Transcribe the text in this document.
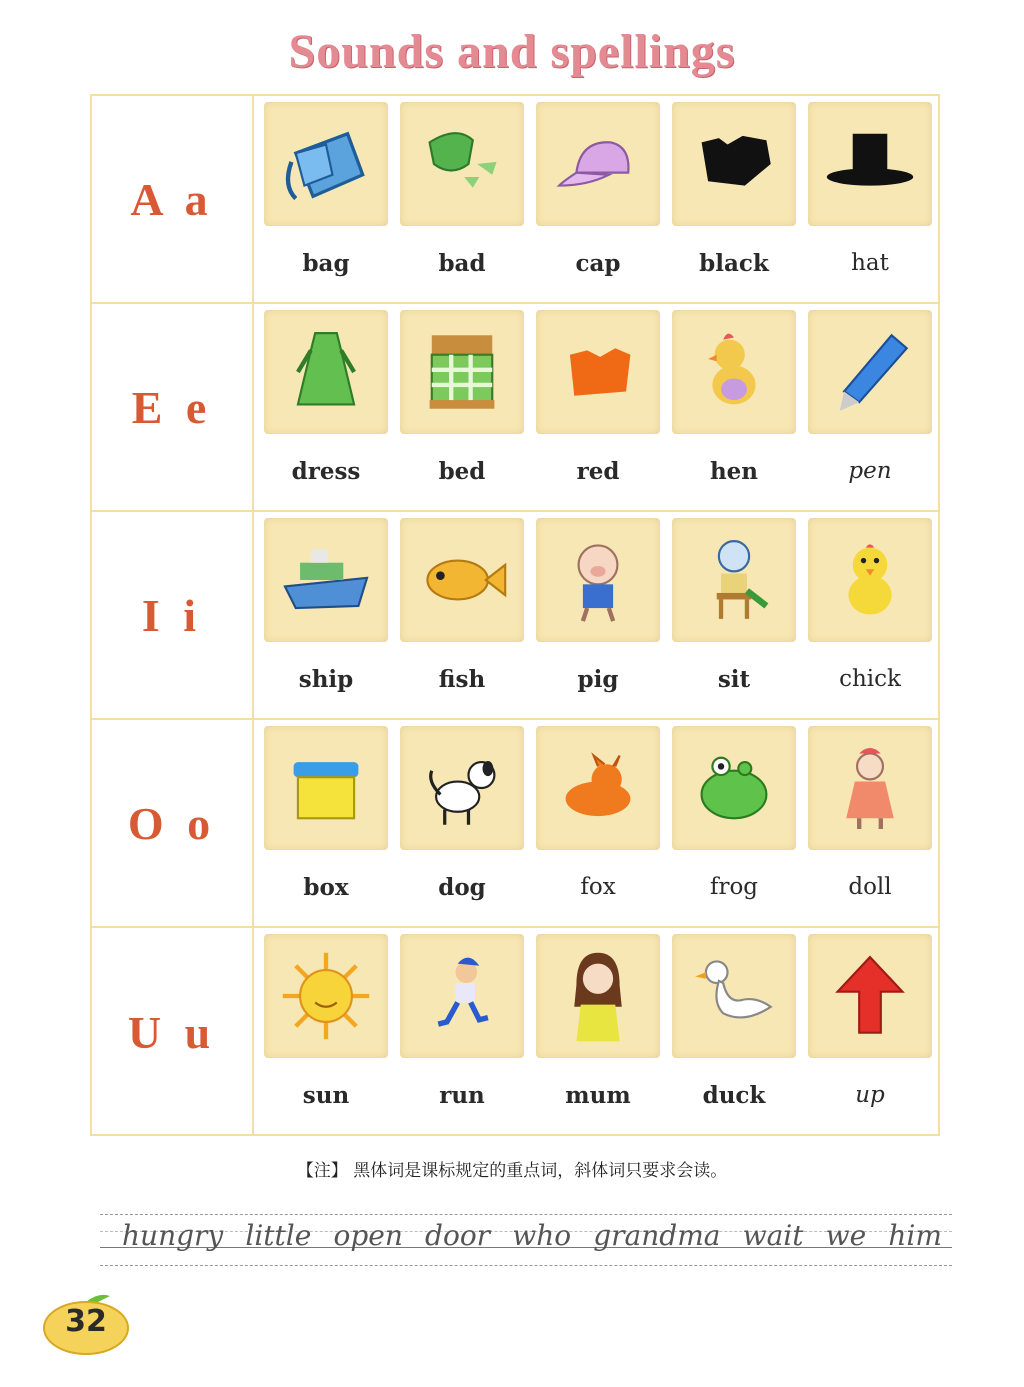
Sounds and spellings
A a
bag	bad	cap	black	hat
E e
dress	bed	red	hen	pen
I i
ship	fish	pig	sit	chick
O o
box	dog	fox	frog	doll
U u
sun	run	mum	duck	up
【注】 黑体词是课标规定的重点词，斜体词只要求会读。
hungry little open door who grandma wait we him
32
